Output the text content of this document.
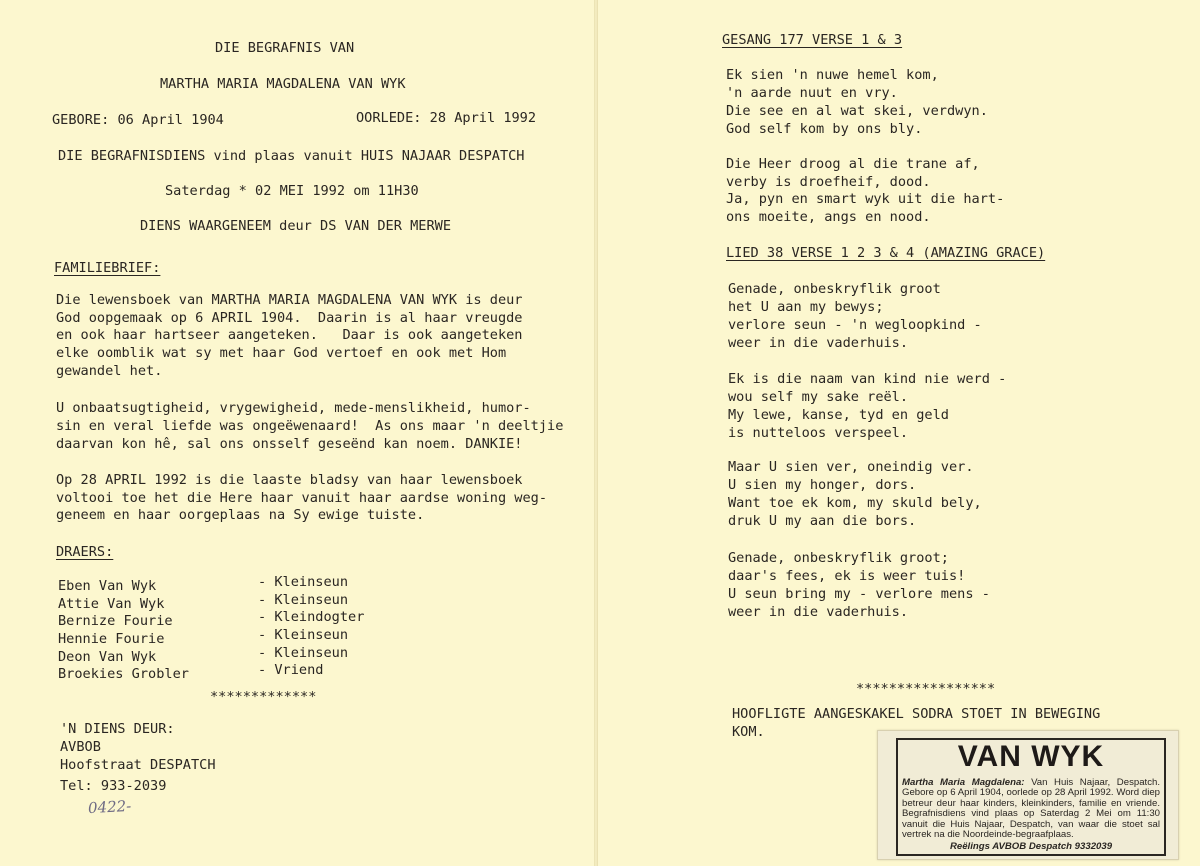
DIE BEGRAFNIS VAN
MARTHA MARIA MAGDALENA VAN WYK
GEBORE: 06 April 1904	OORLEDE: 28 April 1992
DIE BEGRAFNISDIENS vind plaas vanuit HUIS NAJAAR DESPATCH
Saterdag * 02 MEI 1992 om 11H30
DIENS WAARGENEEM deur DS VAN DER MERWE
FAMILIEBRIEF:
Die lewensboek van MARTHA MARIA MAGDALENA VAN WYK is deur
God oopgemaak op 6 APRIL 1904.  Daarin is al haar vreugde
en ook haar hartseer aangeteken.   Daar is ook aangeteken
elke oomblik wat sy met haar God vertoef en ook met Hom
gewandel het.
U onbaatsugtigheid, vrygewigheid, mede-menslikheid, humor-
sin en veral liefde was ongeëwenaard!  As ons maar 'n deeltjie
daarvan kon hê, sal ons onsself geseënd kan noem. DANKIE!
Op 28 APRIL 1992 is die laaste bladsy van haar lewensboek
voltooi toe het die Here haar vanuit haar aardse woning weg-
geneem en haar oorgeplaas na Sy ewige tuiste.
DRAERS:
Eben Van Wyk	- Kleinseun
Attie Van Wyk	- Kleinseun
Bernize Fourie	- Kleindogter
Hennie Fourie	- Kleinseun
Deon Van Wyk	- Kleinseun
Broekies Grobler	- Vriend
*************
'N DIENS DEUR:
AVBOB
Hoofstraat DESPATCH
Tel: 933-2039
0422-
GESANG 177 VERSE 1 & 3
Ek sien 'n nuwe hemel kom,
'n aarde nuut en vry.
Die see en al wat skei, verdwyn.
God self kom by ons bly.
Die Heer droog al die trane af,
verby is droefheif, dood.
Ja, pyn en smart wyk uit die hart-
ons moeite, angs en nood.
LIED 38 VERSE 1 2 3 & 4 (AMAZING GRACE)
Genade, onbeskryflik groot
het U aan my bewys;
verlore seun - 'n wegloopkind -
weer in die vaderhuis.
Ek is die naam van kind nie werd -
wou self my sake reël.
My lewe, kanse, tyd en geld
is nutteloos verspeel.
Maar U sien ver, oneindig ver.
U sien my honger, dors.
Want toe ek kom, my skuld bely,
druk U my aan die bors.
Genade, onbeskryflik groot;
daar's fees, ek is weer tuis!
U seun bring my - verlore mens -
weer in die vaderhuis.
*****************
HOOFLIGTE AANGESKAKEL SODRA STOET IN BEWEGING
KOM.
VAN WYK
Martha Maria Magdalena: Van Huis Najaar, Despatch. Gebore op 6 April 1904, oorlede op 28 April 1992. Word diep betreur deur haar kinders, kleinkinders, familie en vriende. Begrafnisdiens vind plaas op Saterdag 2 Mei om 11:30 vanuit die Huis Najaar, Despatch, van waar die stoet sal vertrek na die Noordeinde-begraafplaas.
Reëlings AVBOB Despatch 9332039
